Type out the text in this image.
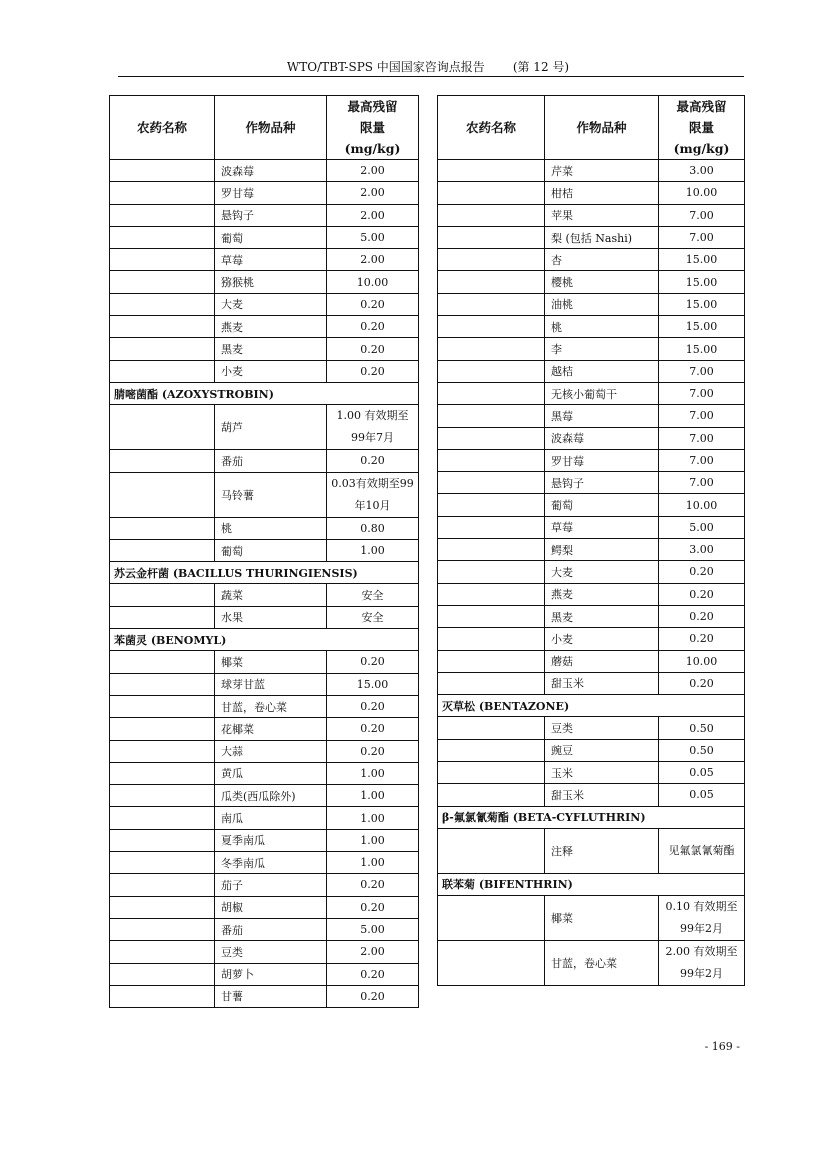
WTO/TBT-SPS 中国国家咨询点报告 (第 12 号)
农药名称	作物品种	最高残留
限量
(mg/kg)

	波森莓	2.00
	罗甘莓	2.00
	悬钩子	2.00
	葡萄	5.00
	草莓	2.00
	猕猴桃	10.00
	大麦	0.20
	燕麦	0.20
	黑麦	0.20
	小麦	0.20
腈嘧菌酯 (AZOXYSTROBIN)		
	葫芦	1.00 有效期至99年7月
	番茄	0.20
	马铃薯	0.03有效期至99年10月
	桃	0.80
	葡萄	1.00
苏云金杆菌 (BACILLUS THURINGIENSIS)		
	蔬菜	安全
	水果	安全
苯菌灵 (BENOMYL)		
	椰菜	0.20
	球芽甘蓝	15.00
	甘蓝，卷心菜	0.20
	花椰菜	0.20
	大蒜	0.20
	黄瓜	1.00
	瓜类(西瓜除外)	1.00
	南瓜	1.00
	夏季南瓜	1.00
	冬季南瓜	1.00
	茄子	0.20
	胡椒	0.20
	番茄	5.00
	豆类	2.00
	胡萝卜	0.20
	甘薯	0.20
农药名称	作物品种	最高残留
限量
(mg/kg)

	芹菜	3.00
	柑桔	10.00
	苹果	7.00
	梨 (包括 Nashi)	7.00
	杏	15.00
	樱桃	15.00
	油桃	15.00
	桃	15.00
	李	15.00
	越桔	7.00
	无核小葡萄干	7.00
	黑莓	7.00
	波森莓	7.00
	罗甘莓	7.00
	悬钩子	7.00
	葡萄	10.00
	草莓	5.00
	鳄梨	3.00
	大麦	0.20
	燕麦	0.20
	黑麦	0.20
	小麦	0.20
	蘑菇	10.00
	甜玉米	0.20
灭草松 (BENTAZONE)		
	豆类	0.50
	豌豆	0.50
	玉米	0.05
	甜玉米	0.05
β-氟氯氰菊酯 (BETA-CYFLUTHRIN)		
	注释	见氟氯氰菊酯
联苯菊 (BIFENTHRIN)		
	椰菜	0.10 有效期至99年2月
	甘蓝，卷心菜	2.00 有效期至99年2月
- 169 -
